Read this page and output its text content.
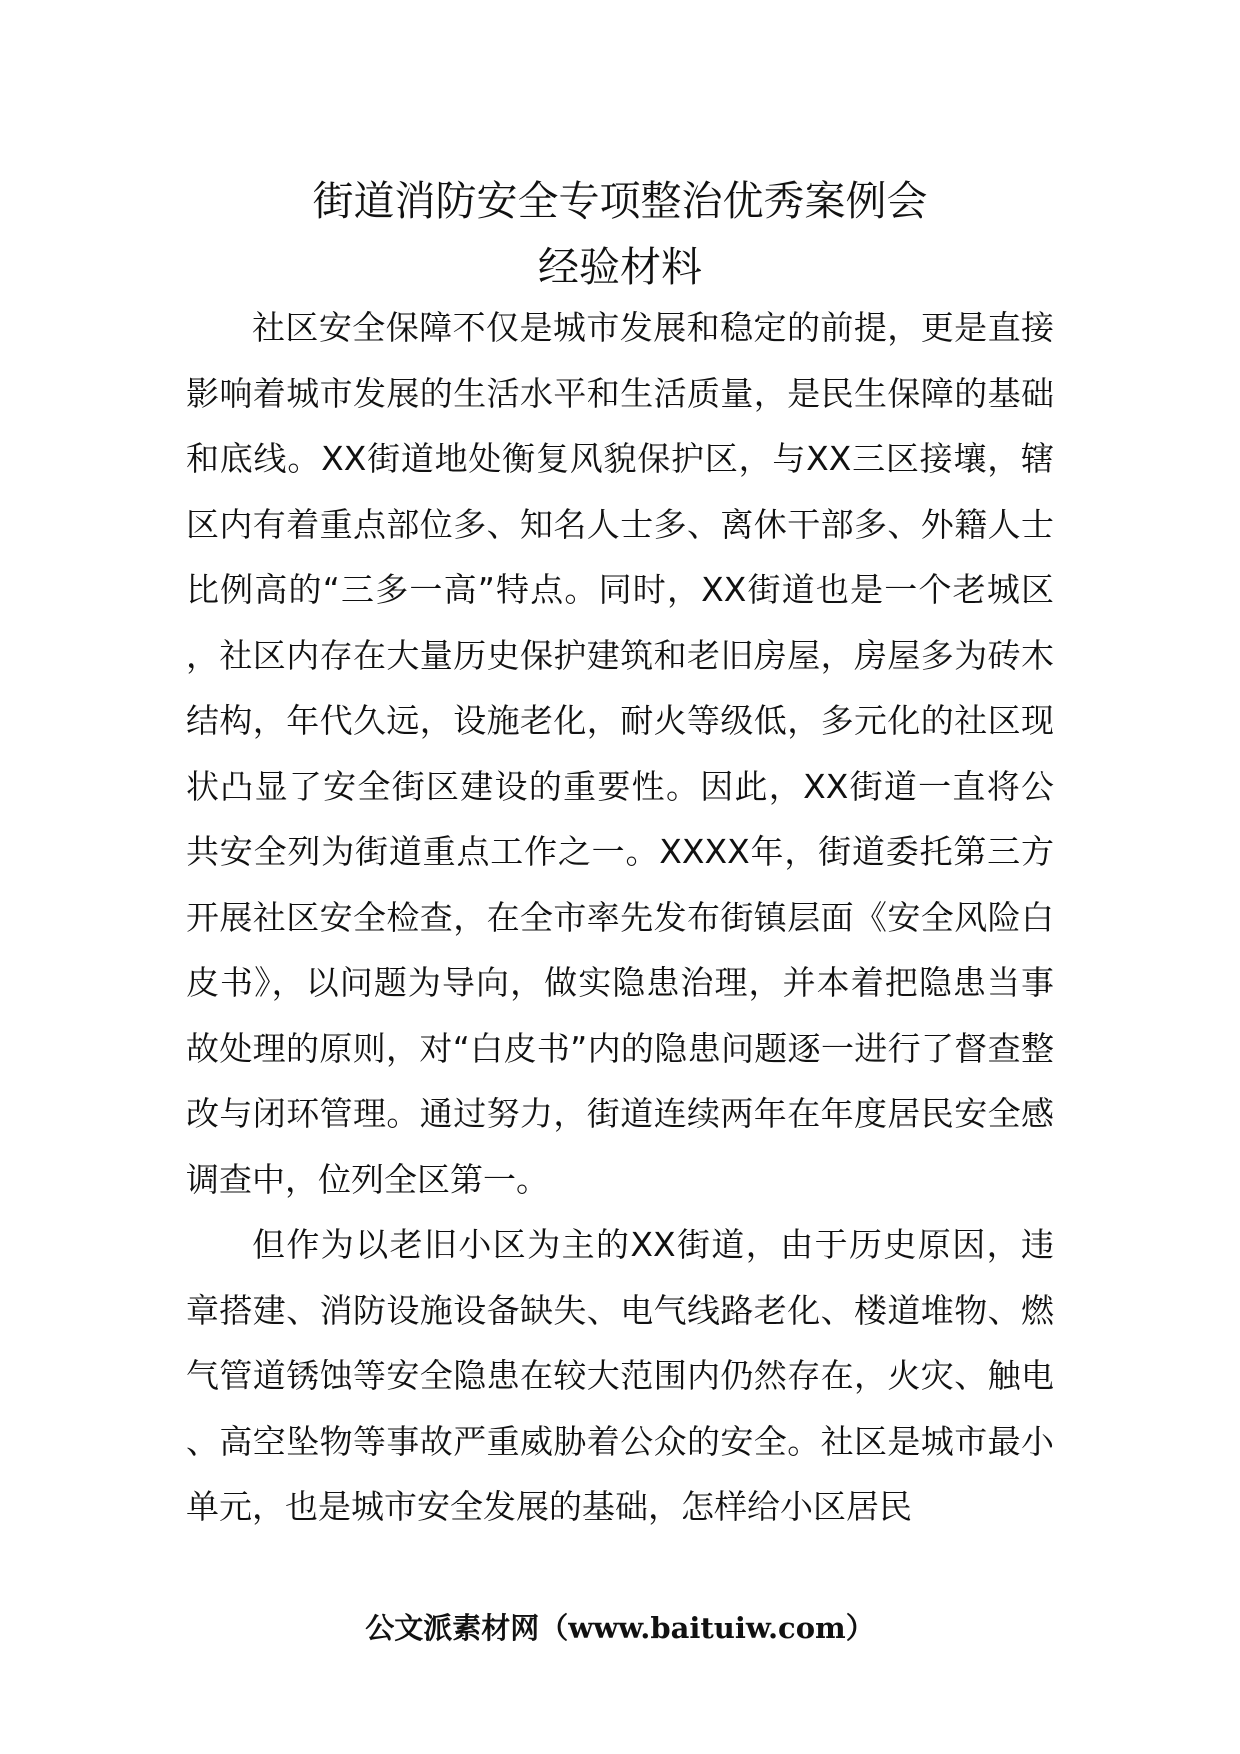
街道消防安全专项整治优秀案例会
经验材料

社区安全保障不仅是城市发展和稳定的前提，更是直接影响着城市发展的生活水平和生活质量，是民生保障的基础和底线。XX街道地处衡复风貌保护区，与XX三区接壤，辖区内有着重点部位多、知名人士多、离休干部多、外籍人士比例高的“三多一高”特点。同时，XX街道也是一个老城区，社区内存在大量历史保护建筑和老旧房屋，房屋多为砖木结构，年代久远，设施老化，耐火等级低，多元化的社区现状凸显了安全街区建设的重要性。因此，XX街道一直将公共安全列为街道重点工作之一。XXXX年，街道委托第三方开展社区安全检查，在全市率先发布街镇层面《安全风险白皮书》，以问题为导向，做实隐患治理，并本着把隐患当事故处理的原则，对“白皮书”内的隐患问题逐一进行了督查整改与闭环管理。通过努力，街道连续两年在年度居民安全感调查中，位列全区第一。

但作为以老旧小区为主的XX街道，由于历史原因，违章搭建、消防设施设备缺失、电气线路老化、楼道堆物、燃气管道锈蚀等安全隐患在较大范围内仍然存在，火灾、触电、高空坠物等事故严重威胁着公众的安全。社区是城市最小单元，也是城市安全发展的基础，怎样给小区居民

公文派素材网（www.baituiw.com）
